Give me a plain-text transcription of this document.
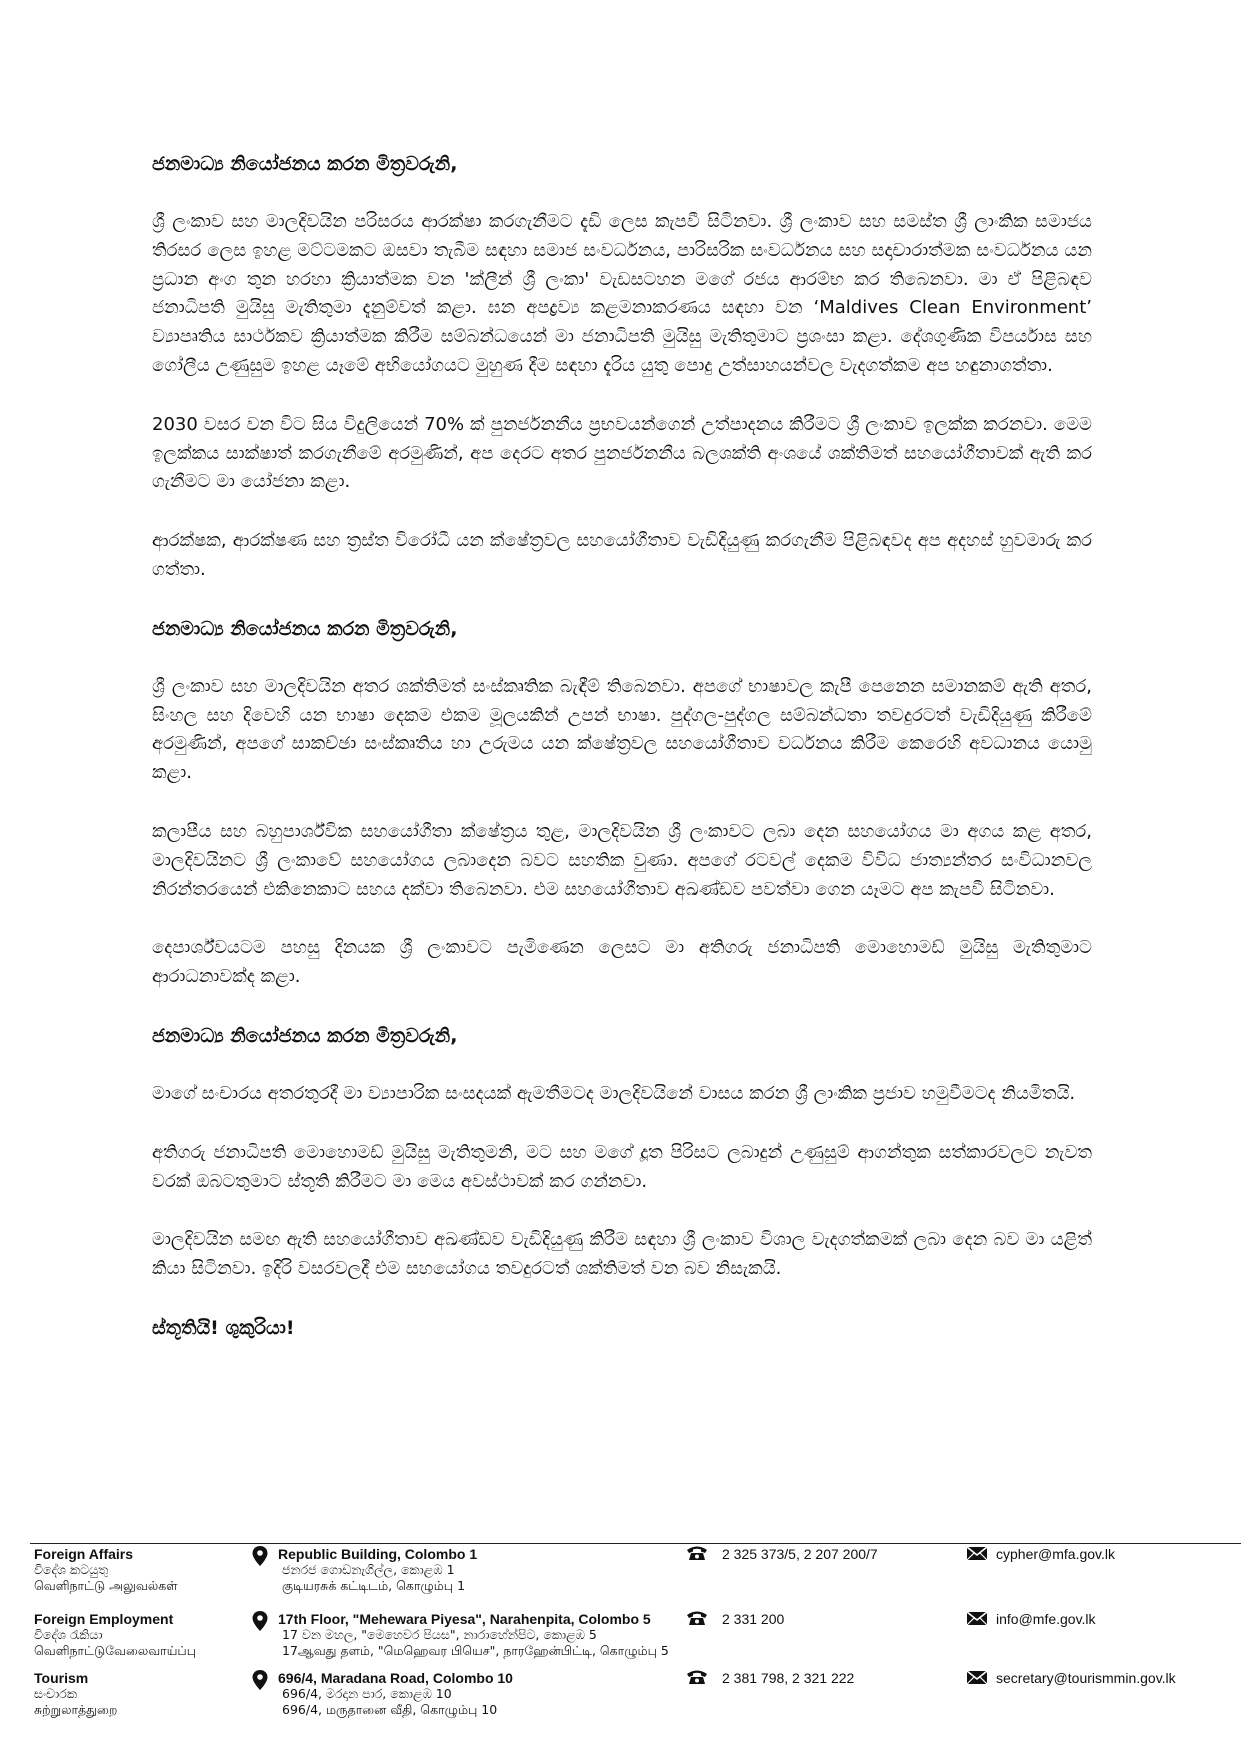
ජනමාධ්‍ය නියෝජනය කරන මිත්‍රවරුනි,

ශ්‍රී ලංකාව සහ මාලදිවයින පරිසරය ආරක්ෂා කරගැනීමට දැඩි ලෙස කැපවී සිටිනවා. ශ්‍රී ලංකාව සහ සමස්ත ශ්‍රී ලාංකික සමාජය තිරසර ලෙස ඉහළ මට්ටමකට ඔසවා තැබීම සඳහා සමාජ සංවර්ධනය, පාරිසරික සංවර්ධනය සහ සදාචාරාත්මක සංවර්ධනය යන ප්‍රධාන අංග තුන හරහා ක්‍රියාත්මක වන 'ක්ලීන් ශ්‍රී ලංකා' වැඩසටහන මගේ රජය ආරම්භ කර තිබෙනවා. මා ඒ පිළිබඳව ජනාධිපති මුයිසු මැතිතුමා දැනුම්වත් කළා. ඝන අපද්‍රව්‍ය කළමනාකරණය සඳහා වන ‘Maldives Clean Environment’ ව්‍යාපෘතිය සාර්ථකව ක්‍රියාත්මක කිරීම සම්බන්ධයෙන් මා ජනාධිපති මුයිසු මැතිතුමාට ප්‍රශංසා කළා. දේශගුණික විපර්යාස සහ ගෝලීය උණුසුම ඉහළ යෑමේ අභියෝගයට මුහුණ දීම සඳහා දැරිය යුතු පොදු උත්සාහයන්වල වැදගත්කම අප හඳුනාගත්තා.

2030 වසර වන විට සිය විදුලියෙන් 70% ක් පුනර්ජනනීය ප්‍රභවයන්ගෙන් උත්පාදනය කිරීමට ශ්‍රී ලංකාව ඉලක්ක කරනවා. මෙම ඉලක්කය සාක්ෂාත් කරගැනීමේ අරමුණින්, අප දෙරට අතර පුනර්ජනනීය බලශක්ති අංශයේ ශක්තිමත් සහයෝගීතාවක් ඇති කර ගැනීමට මා යෝජනා කළා.

ආරක්ෂක, ආරක්ෂණ සහ ත්‍රස්ත විරෝධී යන ක්ෂේත්‍රවල සහයෝගීතාව වැඩිදියුණු කරගැනීම පිළිබඳවද අප අදහස් හුවමාරු කර ගත්තා.

ජනමාධ්‍ය නියෝජනය කරන මිත්‍රවරුනි,

ශ්‍රී ලංකාව සහ මාලදිවයින අතර ශක්තිමත් සංස්කෘතික බැඳීම් තිබෙනවා. අපගේ භාෂාවල කැපී පෙනෙන සමානකම් ඇති අතර, සිංහල සහ දිවෙහි යන භාෂා දෙකම එකම මූලයකින් උපන් භාෂා. පුද්ගල-පුද්ගල සම්බන්ධතා තවදුරටත් වැඩිදියුණු කිරීමේ අරමුණින්, අපගේ සාකච්ඡා සංස්කෘතිය හා උරුමය යන ක්ෂේත්‍රවල සහයෝගීතාව වර්ධනය කිරීම කෙරෙහි අවධානය යොමු කළා.

කලාපීය සහ බහුපාර්ශ්වික සහයෝගීතා ක්ෂේත්‍රය තුළ, මාලදිවයින ශ්‍රී ලංකාවට ලබා දෙන සහයෝගය මා අගය කළ අතර, මාලදිවයිනට ශ්‍රී ලංකාවේ සහයෝගය ලබාදෙන බවට සහතික වුණා. අපගේ රටවල් දෙකම විවිධ ජාත්‍යන්තර සංවිධානවල නිරන්තරයෙන් එකිනෙකාට සහය දක්වා තිබෙනවා. එම සහයෝගීතාව අඛණ්ඩව පවත්වා ගෙන යෑමට අප කැපවී සිටිනවා.

දෙපාර්ශ්වයටම පහසු දිනයක ශ්‍රී ලංකාවට පැමිණෙන ලෙසට මා අතිගරු ජනාධිපති මොහොමඩ් මුයිසු මැතිතුමාට ආරාධනාවක්ද කළා.

ජනමාධ්‍ය නියෝජනය කරන මිත්‍රවරුනි,

මාගේ සංචාරය අතරතුරදී මා ව්‍යාපාරික සංසදයක් ඇමතීමටද මාලදිවයිනේ වාසය කරන ශ්‍රී ලාංකික ප්‍රජාව හමුවීමටද නියමිතයි.

අතිගරු ජනාධිපති මොහොමඩ් මුයිසු මැතිතුමනි, මට සහ මගේ දූත පිරිසට ලබාදුන් උණුසුම් ආගන්තුක සත්කාරවලට නැවත වරක් ඔබටතුමාට ස්තූති කිරීමට මා මෙය අවස්ථාවක් කර ගන්නවා.

මාලදිවයින සමඟ ඇති සහයෝගීතාව අඛණ්ඩව වැඩිදියුණු කිරීම සඳහා ශ්‍රී ලංකාව විශාල වැදගත්කමක් ලබා දෙන බව මා යළිත් කියා සිටිනවා. ඉදිරි වසරවලදී එම සහයෝගය තවදුරටත් ශක්තිමත් වන බව නිසැකයි.

ස්තූතියි! ශුකුරියා!

Foreign Affairs
විදේශ කටයුතු
வெளிநாட்டு அலுவல்கள்
Republic Building, Colombo 1
ජනරජ ගොඩනැගිල්ල, කොළඹ 1
குடியரசுக் கட்டிடம், கொழும்பு 1
2 325 373/5, 2 207 200/7	cypher@mfa.gov.lk
Foreign Employment
විදේශ රැකියා
வெளிநாட்டுவேலைவாய்ப்பு
17th Floor, "Mehewara Piyesa", Narahenpita, Colombo 5
17 වන මහල, "මෙහෙවර පියස", නාරාහේන්පිට, කොළඹ 5
17ஆவது தளம், "மெஹெவர பியெச", நாரஹேன்பிட்டி, கொழும்பு 5
2 331 200	info@mfe.gov.lk
Tourism
සංචාරක
சுற்றுலாத்துறை
696/4, Maradana Road, Colombo 10
696/4, මරදාන පාර, කොළඹ 10
696/4, மருதானை வீதி, கொழும்பு 10
2 381 798, 2 321 222	secretary@tourismmin.gov.lk
